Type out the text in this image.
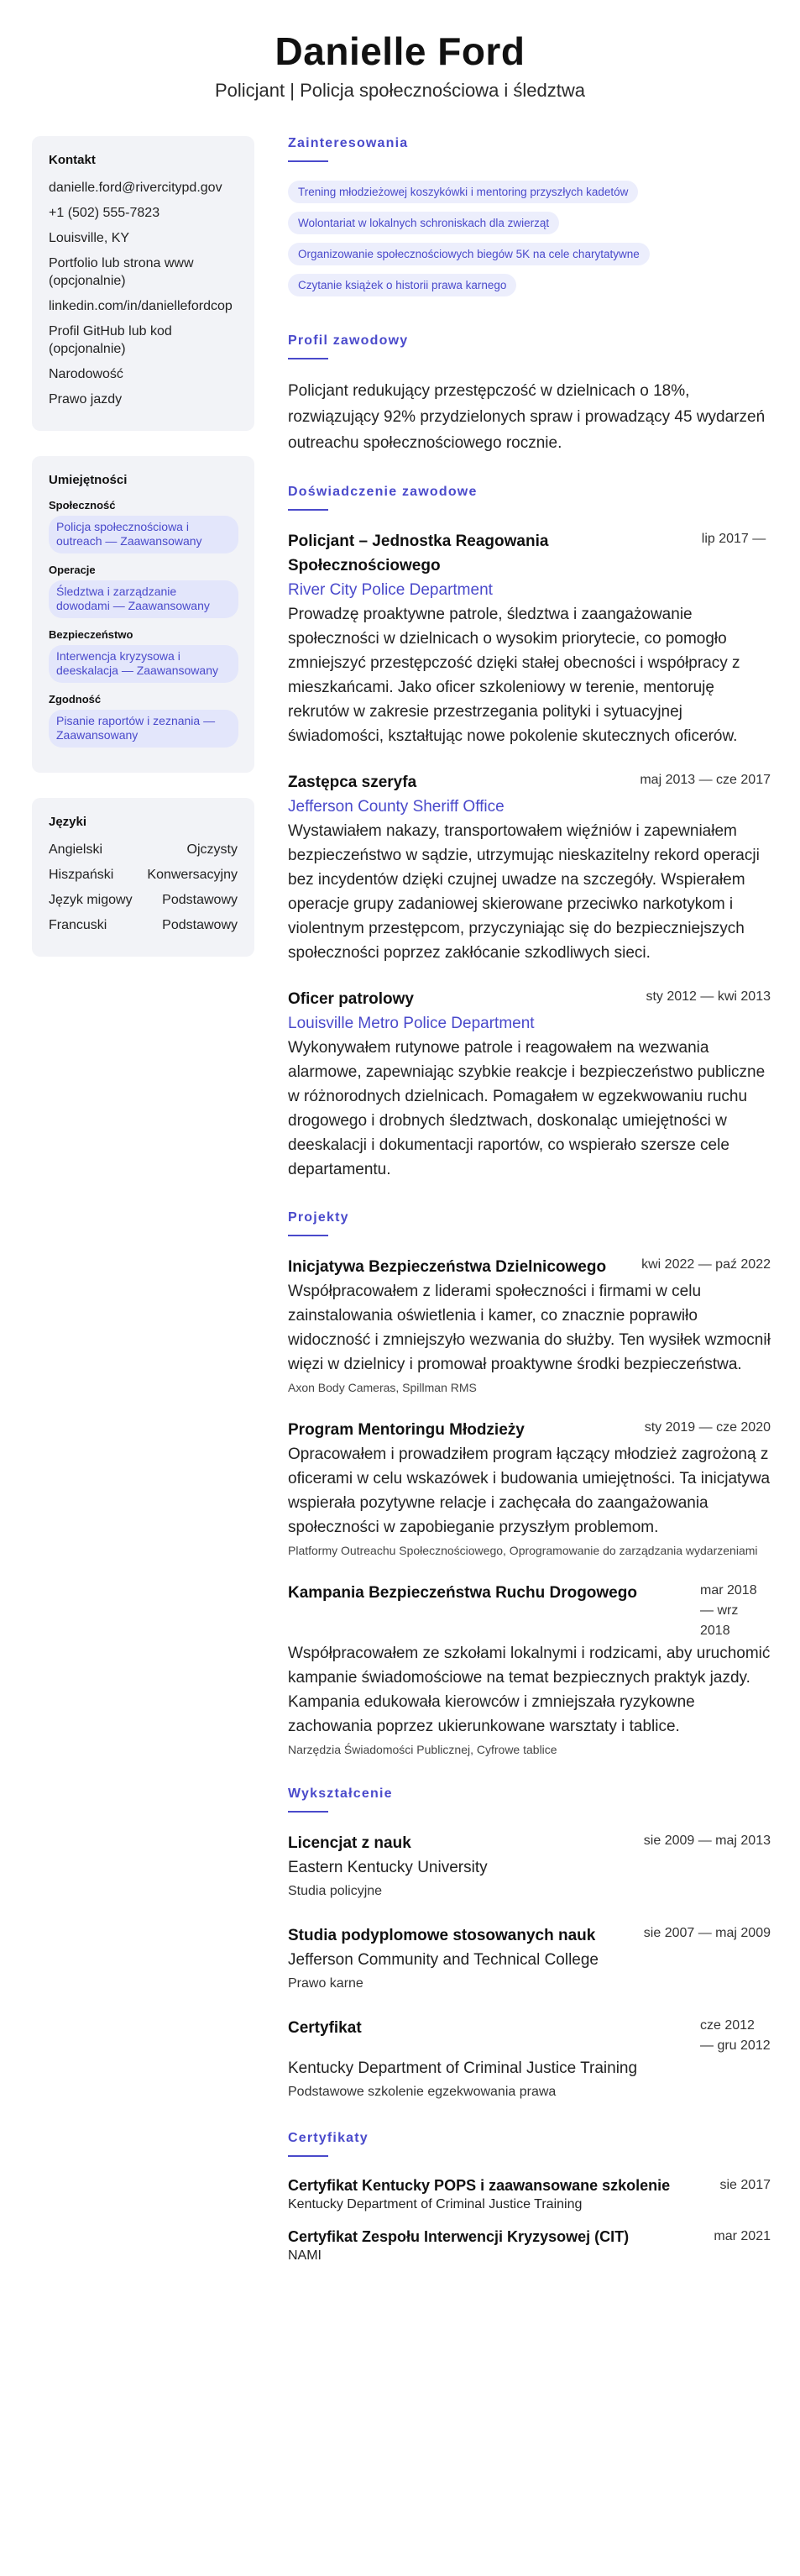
Danielle Ford
Policjant | Policja społecznościowa i śledztwa
Kontakt
danielle.ford@rivercitypd.gov
+1 (502) 555-7823
Louisville, KY
Portfolio lub strona www (opcjonalnie)
linkedin.com/in/daniellefordcop
Profil GitHub lub kod (opcjonalnie)
Narodowość
Prawo jazdy
Umiejętności
Społeczność
Policja społecznościowa i outreach — Zaawansowany
Operacje
Śledztwa i zarządzanie dowodami — Zaawansowany
Bezpieczeństwo
Interwencja kryzysowa i deeskalacja — Zaawansowany
Zgodność
Pisanie raportów i zeznania — Zaawansowany
Języki
Angielski	Ojczysty
Hiszpański	Konwersacyjny
Język migowy Podstawowy
Francuski	Podstawowy
Zainteresowania
Trening młodzieżowej koszykówki i mentoring przyszłych kadetów
Wolontariat w lokalnych schroniskach dla zwierząt
Organizowanie społecznościowych biegów 5K na cele charytatywne
Czytanie książek o historii prawa karnego
Profil zawodowy

Policjant redukujący przestępczość w dzielnicach o 18%, rozwiązujący 92% przydzielonych spraw i prowadzący 45 wydarzeń outreachu społecznościowego rocznie.

Doświadczenie zawodowe
Policjant – Jednostka Reagowania Społecznościowego
lip 2017 —
River City Police Department

Prowadzę proaktywne patrole, śledztwa i zaangażowanie społeczności w dzielnicach o wysokim priorytecie, co pomogło zmniejszyć przestępczość dzięki stałej obecności i współpracy z mieszkańcami. Jako oficer szkoleniowy w terenie, mentoruję rekrutów w zakresie przestrzegania polityki i sytuacyjnej świadomości, kształtując nowe pokolenie skutecznych oficerów.

Zastępca szeryfa	maj 2013 — cze 2017
Jefferson County Sheriff Office

Wystawiałem nakazy, transportowałem więźniów i zapewniałem bezpieczeństwo w sądzie, utrzymując nieskazitelny rekord operacji bez incydentów dzięki czujnej uwadze na szczegóły. Wspierałem operacje grupy zadaniowej skierowane przeciwko narkotykom i violentnym przestępcom, przyczyniając się do bezpieczniejszych społeczności poprzez zakłócanie szkodliwych sieci.

Oficer patrolowy	sty 2012 — kwi 2013
Louisville Metro Police Department

Wykonywałem rutynowe patrole i reagowałem na wezwania alarmowe, zapewniając szybkie reakcje i bezpieczeństwo publiczne w różnorodnych dzielnicach. Pomagałem w egzekwowaniu ruchu drogowego i drobnych śledztwach, doskonaląc umiejętności w deeskalacji i dokumentacji raportów, co wspierało szersze cele departamentu.

Projekty
Inicjatywa Bezpieczeństwa Dzielnicowego	kwi 2022 — paź 2022

Współpracowałem z liderami społeczności i firmami w celu zainstalowania oświetlenia i kamer, co znacznie poprawiło widoczność i zmniejszyło wezwania do służby. Ten wysiłek wzmocnił więzi w dzielnicy i promował proaktywne środki bezpieczeństwa.

Axon Body Cameras, Spillman RMS
Program Mentoringu Młodzieży	sty 2019 — cze 2020

Opracowałem i prowadziłem program łączący młodzież zagrożoną z oficerami w celu wskazówek i budowania umiejętności. Ta inicjatywa wspierała pozytywne relacje i zachęcała do zaangażowania społeczności w zapobieganie przyszłym problemom.

Platformy Outreachu Społecznościowego, Oprogramowanie do zarządzania wydarzeniami
Kampania Bezpieczeństwa Ruchu Drogowego	mar 2018 — wrz 2018

Współpracowałem ze szkołami lokalnymi i rodzicami, aby uruchomić kampanie świadomościowe na temat bezpiecznych praktyk jazdy. Kampania edukowała kierowców i zmniejszała ryzykowne zachowania poprzez ukierunkowane warsztaty i tablice.

Narzędzia Świadomości Publicznej, Cyfrowe tablice
Wykształcenie
Licencjat z nauk	sie 2009 — maj 2013
Eastern Kentucky University
Studia policyjne
Studia podyplomowe stosowanych nauk	sie 2007 — maj 2009
Jefferson Community and Technical College
Prawo karne
Certyfikat	cze 2012 — gru 2012
Kentucky Department of Criminal Justice Training
Podstawowe szkolenie egzekwowania prawa
Certyfikaty
Certyfikat Kentucky POPS i zaawansowane szkolenie	sie 2017
Kentucky Department of Criminal Justice Training
Certyfikat Zespołu Interwencji Kryzysowej (CIT)	mar 2021
NAMI
